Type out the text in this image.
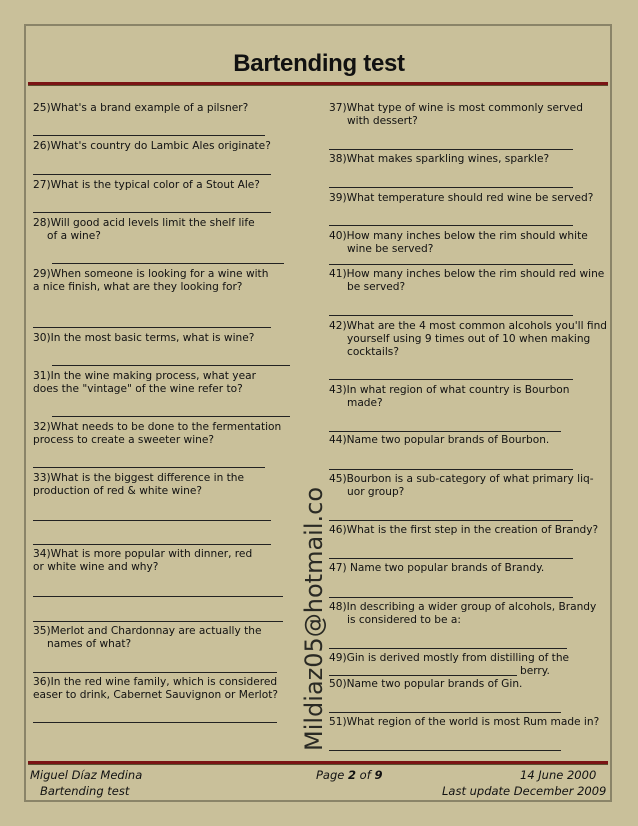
Bartending test
25)What's a brand example of a pilsner?
26)What's country do Lambic Ales originate?
27)What is the typical color of a Stout Ale?
28)Will good acid levels limit the shelf life
of a wine?
29)When someone is looking for a wine with
a nice finish, what are they looking for?
30)In the most basic terms, what is wine?
31)In the wine making process, what year
does the "vintage" of the wine refer to?
32)What needs to be done to the fermentation
process to create a sweeter wine?
33)What is the biggest difference in the
production of red & white wine?
34)What is more popular with dinner, red
or white wine and why?
35)Merlot and Chardonnay are actually the
names of what?
36)In the red wine family, which is considered
easer to drink, Cabernet Sauvignon or Merlot? Mildiaz05@hotmail.com
37)What type of wine is most commonly served
with dessert?
38)What makes sparkling wines, sparkle?
39)What temperature should red wine be served?
40)How many inches below the rim should white
wine be served?
41)How many inches below the rim should red wine
be served?
42)What are the 4 most common alcohols you'll find
yourself using 9 times out of 10 when making
cocktails?
43)In what region of what country is Bourbon
made?
44)Name two popular brands of Bourbon.
45)Bourbon is a sub-category of what primary liq-
uor group?
46)What is the first step in the creation of Brandy?
47) Name two popular brands of Brandy.
48)In describing a wider group of alcohols, Brandy
is considered to be a:
49)Gin is derived mostly from distilling of the
berry.
50)Name two popular brands of Gin.
51)What region of the world is most Rum made in?
Miguel Díaz Medina
Bartending test
Page 2 of 9	14 June 2000
Last update December 2009
